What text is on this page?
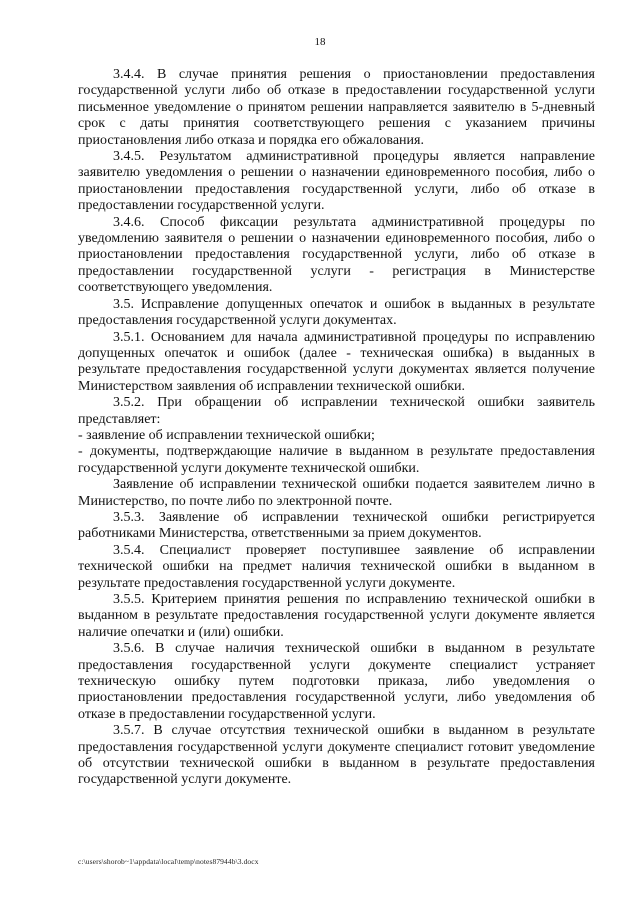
18

3.4.4. В случае принятия решения о приостановлении предоставления государственной услуги либо об отказе в предоставлении государственной услуги письменное уведомление о принятом решении направляется заявителю в 5-дневный срок с даты принятия соответствующего решения с указанием причины приостановления либо отказа и порядка его обжалования.

3.4.5. Результатом административной процедуры является направление заявителю уведомления о решении о назначении единовременного пособия, либо о приостановлении предоставления государственной услуги, либо об отказе в предоставлении государственной услуги.

3.4.6. Способ фиксации результата административной процедуры по уведомлению заявителя о решении о назначении единовременного пособия, либо о приостановлении предоставления государственной услуги, либо об отказе в предоставлении государственной услуги - регистрация в Министерстве соответствующего уведомления.

3.5. Исправление допущенных опечаток и ошибок в выданных в результате предоставления государственной услуги документах.

3.5.1. Основанием для начала административной процедуры по исправлению допущенных опечаток и ошибок (далее - техническая ошибка) в выданных в результате предоставления государственной услуги документах является получение Министерством заявления об исправлении технической ошибки.

3.5.2. При обращении об исправлении технической ошибки заявитель представляет:

- заявление об исправлении технической ошибки;

- документы, подтверждающие наличие в выданном в результате предоставления государственной услуги документе технической ошибки.

Заявление об исправлении технической ошибки подается заявителем лично в Министерство, по почте либо по электронной почте.

3.5.3. Заявление об исправлении технической ошибки регистрируется работниками Министерства, ответственными за прием документов.

3.5.4. Специалист проверяет поступившее заявление об исправлении технической ошибки на предмет наличия технической ошибки в выданном в результате предоставления государственной услуги документе.

3.5.5. Критерием принятия решения по исправлению технической ошибки в выданном в результате предоставления государственной услуги документе является наличие опечатки и (или) ошибки.

3.5.6. В случае наличия технической ошибки в выданном в результате предоставления государственной услуги документе специалист устраняет техническую ошибку путем подготовки приказа, либо уведомления о приостановлении предоставления государственной услуги, либо уведомления об отказе в предоставлении государственной услуги.

3.5.7. В случае отсутствия технической ошибки в выданном в результате предоставления государственной услуги документе специалист готовит уведомление об отсутствии технической ошибки в выданном в результате предоставления государственной услуги документе.

c:\users\shorob~1\appdata\local\temp\notes87944b\3.docx
